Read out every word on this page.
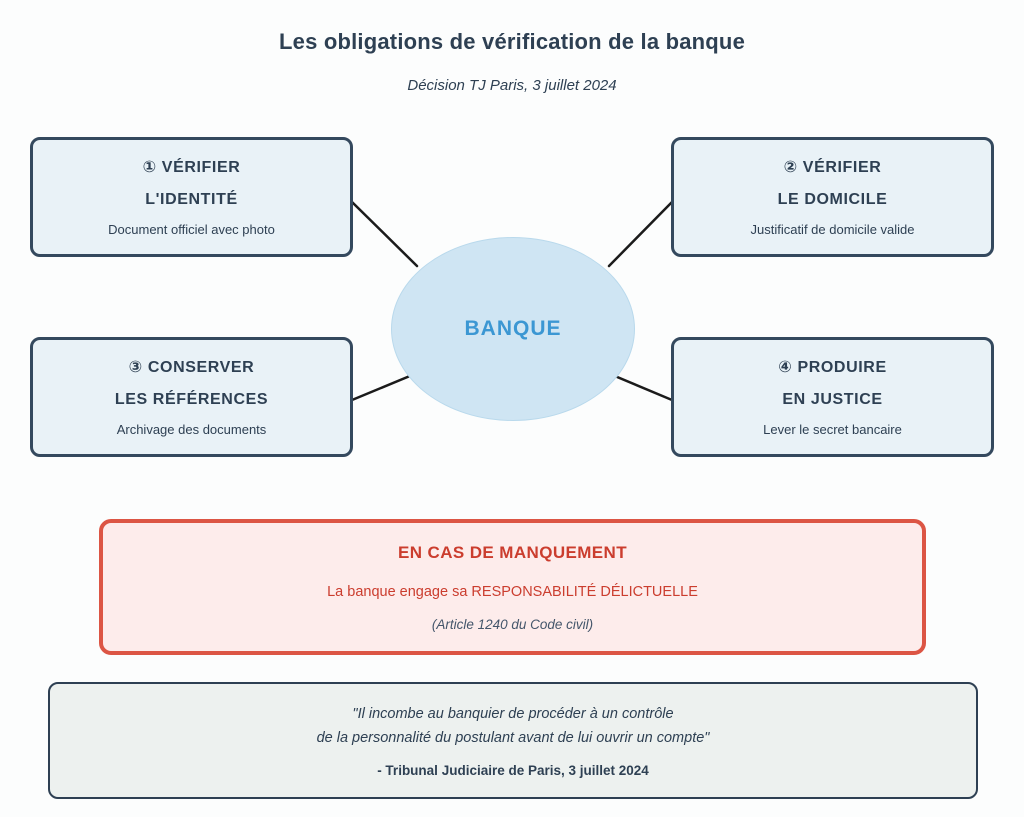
Les obligations de vérification de la banque
Décision TJ Paris, 3 juillet 2024
① VÉRIFIER
L'IDENTITÉ
Document officiel avec photo
② VÉRIFIER
LE DOMICILE
Justificatif de domicile valide
③ CONSERVER
LES RÉFÉRENCES
Archivage des documents
④ PRODUIRE
EN JUSTICE
Lever le secret bancaire
BANQUE
EN CAS DE MANQUEMENT
La banque engage sa RESPONSABILITÉ DÉLICTUELLE
(Article 1240 du Code civil)
"Il incombe au banquier de procéder à un contrôle
de la personnalité du postulant avant de lui ouvrir un compte"
- Tribunal Judiciaire de Paris, 3 juillet 2024
